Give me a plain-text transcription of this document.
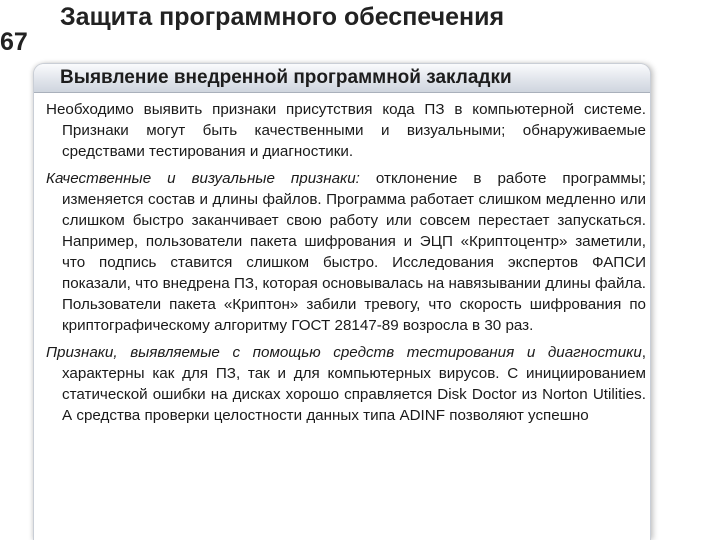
67
Защита программного обеспечения
Выявление внедренной программной закладки

Необходимо выявить признаки присутствия кода ПЗ в компьютерной системе. Признаки могут быть качественными и визуальными; обнаруживаемые средствами тестирования и диагностики.

Качественные и визуальные признаки: отклонение в работе программы; изменяется состав и длины файлов. Программа работает слишком медленно или слишком быстро заканчивает свою работу или совсем перестает запускаться. Например, пользователи пакета шифрования и ЭЦП «Криптоцентр» заметили, что подпись ставится слишком быстро. Исследования экспертов ФАПСИ показали, что внедрена ПЗ, которая основывалась на навязывании длины файла. Пользователи пакета «Криптон» забили тревогу, что скорость шифрования по криптографическому алгоритму ГОСТ 28147-89 возросла в 30 раз.

Признаки, выявляемые с помощью средств тестирования и диагностики, характерны как для ПЗ, так и для компьютерных вирусов. С инициированием статической ошибки на дисках хорошо справляется Disk Doctor из Norton Utilities. А средства проверки целостности данных типа ADINF позволяют успешно
